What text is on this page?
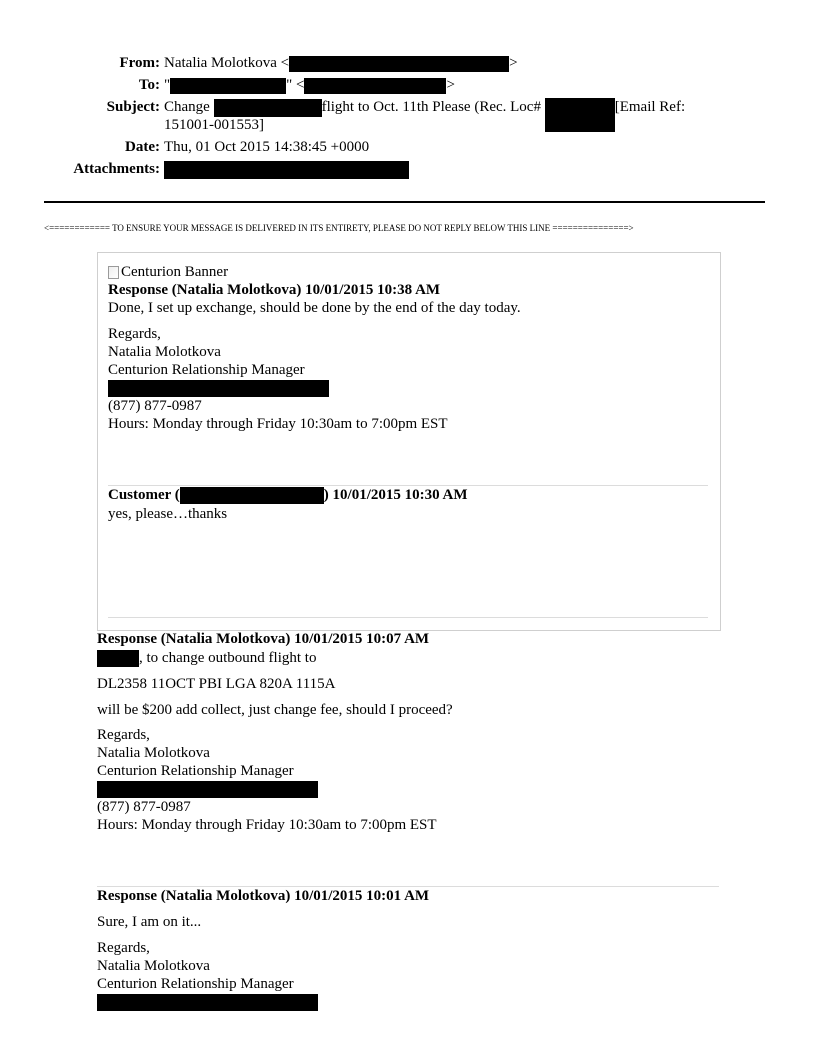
From: Natalia Molotkova <	>
To: "	" <	>
Subject: Change	flight to Oct. 11th Please (Rec. Loc#	[Email Ref:
151001-001553]
Date: Thu, 01 Oct 2015 14:38:45 +0000
Attachments:
<============ TO ENSURE YOUR MESSAGE IS DELIVERED IN ITS ENTIRETY, PLEASE DO NOT REPLY BELOW THIS LINE ===============>
Centurion Banner
Response (Natalia Molotkova) 10/01/2015 10:38 AM
Done, I set up exchange, should be done by the end of the day today.
Regards,
Natalia Molotkova
Centurion Relationship Manager
(877) 877-0987
Hours: Monday through Friday 10:30am to 7:00pm EST
Customer (	) 10/01/2015 10:30 AM
yes, please…thanks
Response (Natalia Molotkova) 10/01/2015 10:07 AM
, to change outbound flight to
DL2358 11OCT PBI LGA 820A 1115A
will be $200 add collect, just change fee, should I proceed?
Regards,
Natalia Molotkova
Centurion Relationship Manager
(877) 877-0987
Hours: Monday through Friday 10:30am to 7:00pm EST
Response (Natalia Molotkova) 10/01/2015 10:01 AM
Sure, I am on it...
Regards,
Natalia Molotkova
Centurion Relationship Manager
